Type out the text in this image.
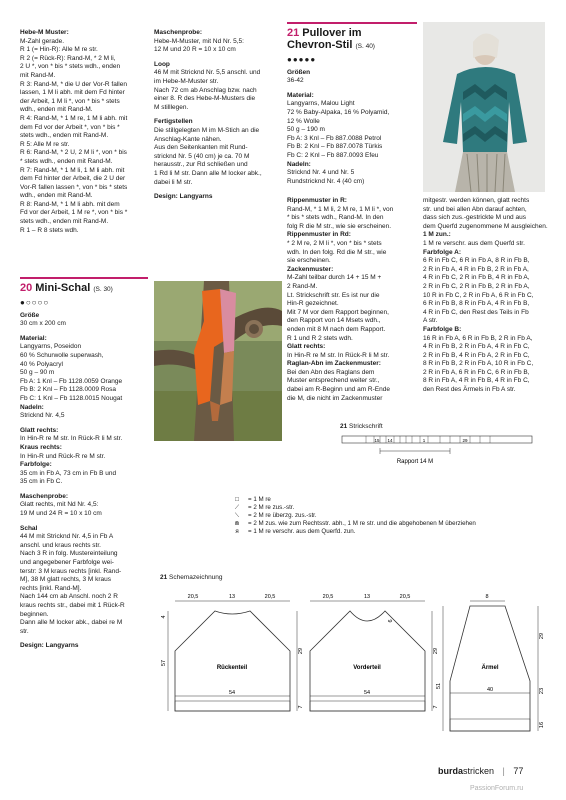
Hebe-M Muster:

M-Zahl gerade.

R 1 (= Hin-R): Alle M re str.

R 2 (= Rück-R): Rand-M, * 2 M li,

2 U *, von * bis * stets wdh., enden

mit Rand-M.

R 3: Rand-M, * die U der Vor-R fallen

lassen, 1 M li abh. mit dem Fd hinter

der Arbeit, 1 M li *, von * bis * stets

wdh., enden mit Rand-M.

R 4: Rand-M, * 1 M re, 1 M li abh. mit

dem Fd vor der Arbeit *, von * bis *

stets wdh., enden mit Rand-M.

R 5: Alle M re str.

R 6: Rand-M, * 2 U, 2 M li *, von * bis

* stets wdh., enden mit Rand-M.

R 7: Rand-M, * 1 M li, 1 M li abh. mit

dem Fd hinter der Arbeit, die 2 U der

Vor-R fallen lassen *, von * bis * stets

wdh., enden mit Rand-M.

R 8: Rand-M, * 1 M li abh. mit dem

Fd vor der Arbeit, 1 M re *, von * bis *

stets wdh., enden mit Rand-M.

R 1 – R 8 stets wdh.

Maschenprobe:

Hebe-M-Muster, mit Nd Nr. 5,5:

12 M und 20 R = 10 x 10 cm

Loop

46 M mit Stricknd Nr. 5,5 anschl. und

im Hebe-M-Muster str.

Nach 72 cm ab Anschlag bzw. nach

einer 8. R des Hebe-M-Musters die

M stilllegen.

Fertigstellen

Die stillgelegten M im M-Stich an die

Anschlag-Kante nähen.

Aus den Seitenkanten mit Rund-

stricknd Nr. 5 (40 cm) je ca. 70 M

herausstr., zur Rd schließen und

1 Rd li M str. Dann alle M locker abk.,

dabei li M str.

Design: Langyarns

20 Mini-Schal (S. 30)
●○○○○

Größe

30 cm x 200 cm

Material:

Langyarns, Poseidon

60 % Schurwolle superwash,

40 % Polyacryl

50 g – 90 m

Fb A: 1 Knl – Fb 1128.0059 Orange

Fb B: 2 Knl – Fb 1128.0009 Rosa

Fb C: 1 Knl – Fb 1128.0015 Nougat

Nadeln:

Stricknd Nr. 4,5

Glatt rechts:

In Hin-R re M str. In Rück-R li M str.

Kraus rechts:

In Hin-R und Rück-R re M str.

Farbfolge:

35 cm in Fb A, 73 cm in Fb B und

35 cm in Fb C.

Maschenprobe:

Glatt rechts, mit Nd Nr. 4,5:

19 M und 24 R = 10 x 10 cm

Schal

44 M mit Stricknd Nr. 4,5 in Fb A

anschl. und kraus rechts str.

Nach 3 R in folg. Mustereinteilung

und angegebener Farbfolge wei-

terstr: 3 M kraus rechts [inkl. Rand-

M], 38 M glatt rechts, 3 M kraus

rechts [inkl. Rand-M].

Nach 144 cm ab Anschl. noch 2 R

kraus rechts str., dabei mit 1 Rück-R

beginnen.

Dann alle M locker abk., dabei re M

str.

Design: Langyarns

21 Pullover im
Chevron-Stil (S. 40)
●●●●●

Größen

36-42

Material:

Langyarns, Malou Light

72 % Baby-Alpaka, 16 % Polyamid,

12 % Wolle

50 g – 190 m

Fb A: 3 Knl – Fb 887.0088 Petrol

Fb B: 2 Knl – Fb 887.0078 Türkis

Fb C: 2 Knl – Fb 887.0093 Efeu

Nadeln:

Stricknd Nr. 4 und Nr. 5

Rundstricknd Nr. 4 (40 cm)

Rippenmuster in R:

Rand-M, * 1 M li, 2 M re, 1 M li *, von

* bis * stets wdh., Rand-M. In den

folg R die M str., wie sie erscheinen.

Rippenmuster in Rd:

* 2 M re, 2 M li *, von * bis * stets

wdh. In den folg. Rd die M str., wie

sie erscheinen.

Zackenmuster:

M-Zahl teilbar durch 14 + 15 M +

2 Rand-M.

Lt. Strickschrift str. Es ist nur die

Hin-R gezeichnet.

Mit 7 M vor dem Rapport beginnen,

den Rapport von 14 Msets wdh.,

enden mit 8 M nach dem Rapport.

R 1 und R 2 stets wdh.

Glatt rechts:

In Hin-R re M str. In Rück-R li M str.

Raglan-Abn im Zackenmuster:

Bei den Abn des Raglans dem

Muster entsprechend weiter str.,

dabei am R-Beginn und am R-Ende

die M, die nicht im Zackenmuster

mitgestr. werden können, glatt rechts

str. und bei allen Abn darauf achten,

dass sich zus.-gestrickte M und aus

dem Querfd zugenommene M ausgleichen.

1 M zun.:

1 M re verschr. aus dem Querfd str.

Farbfolge A:

6 R in Fb C, 6 R in Fb A, 8 R in Fb B,

2 R in Fb A, 4 R in Fb B, 2 R in Fb A,

4 R in Fb C, 2 R in Fb B, 4 R in Fb A,

2 R in Fb C, 2 R in Fb B, 2 R in Fb A,

10 R in Fb C, 2 R in Fb A, 6 R in Fb C,

6 R in Fb B, 8 R in Fb A, 4 R in Fb B,

4 R in Fb C, den Rest des Teils in Fb

A str.

Farbfolge B:

16 R in Fb A, 6 R in Fb B, 2 R in Fb A,

4 R in Fb B, 2 R in Fb A, 4 R in Fb C,

2 R in Fb B, 4 R in Fb A, 2 R in Fb C,

8 R in Fb B, 2 R in Fb A, 10 R in Fb C,

2 R in Fb A, 6 R in Fb C, 6 R in Fb B,

8 R in Fb A, 4 R in Fb B, 4 R in Fb C,

den Rest des Ärmels in Fb A str.

21 Strickschrift
15 14	1	29
Rapport 14 M
□	= 1 M re
⟋	= 2 M re zus.-str.
⟍	= 2 M re überzg. zus.-str.
⋒	= 2 M zus. wie zum Rechtsstr. abh., 1 M re str. und die abgehobenen M überziehen
ᴙ	= 1 M re verschr. aus dem Querfd. zun.
21 Schemazeichnung
20,5	13	20,5
Rückenteil
54
57
4
29
7
20,5	13	20,5
Vorderteil
54
29
7
6
Ärmel
40
51
29
23
16
8
burdastricken | 77
PassionForum.ru
